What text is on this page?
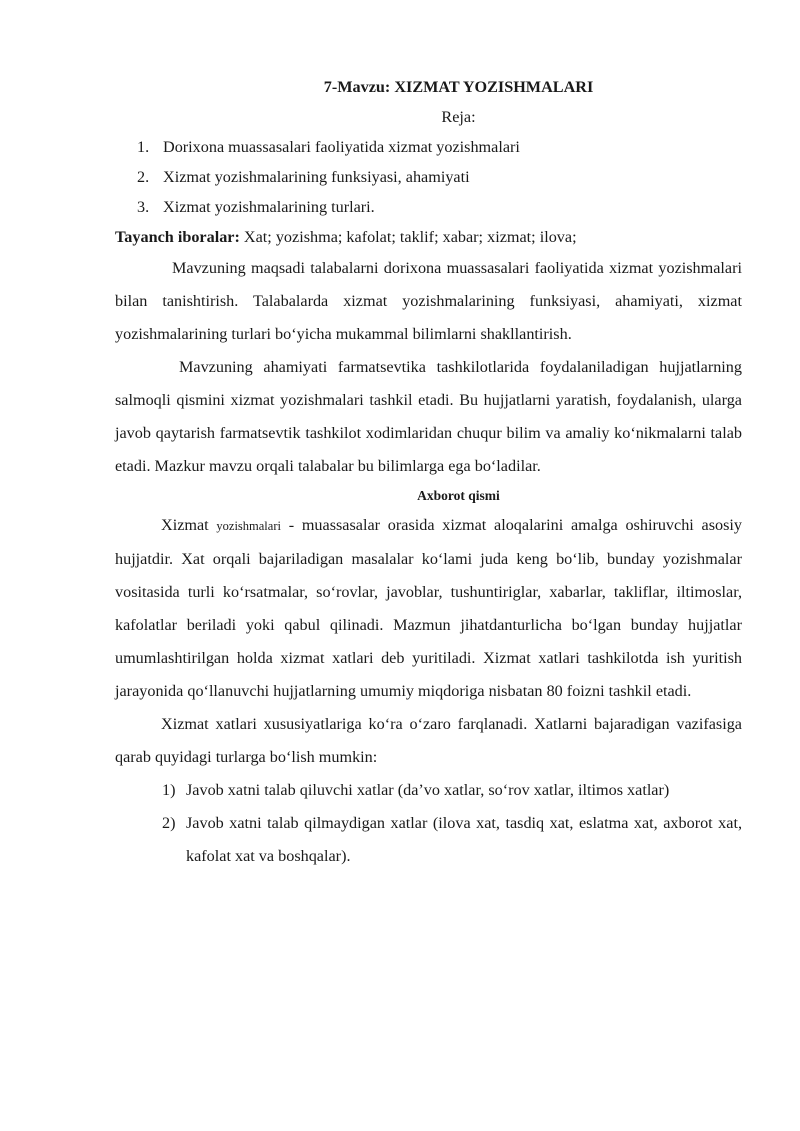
7-Mavzu: XIZMAT YOZISHMALARI

Reja:

1. Dorixona muassasalari faoliyatida xizmat yozishmalari
2. Xizmat yozishmalarining funksiyasi, ahamiyati
3. Xizmat yozishmalarining turlari.

Tayanch iboralar: Xat; yozishma; kafolat; taklif; xabar; xizmat; ilova;

Mavzuning maqsadi talabalarni dorixona muassasalari faoliyatida xizmat yozishmalari bilan tanishtirish. Talabalarda xizmat yozishmalarining funksiyasi, ahamiyati, xizmat yozishmalarining turlari bo‘yicha mukammal bilimlarni shakllantirish.

Mavzuning ahamiyati farmatsevtika tashkilotlarida foydalaniladigan hujjatlarning salmoqli qismini xizmat yozishmalari tashkil etadi. Bu hujjatlarni yaratish, foydalanish, ularga javob qaytarish farmatsevtik tashkilot xodimlaridan chuqur bilim va amaliy ko‘nikmalarni talab etadi. Mazkur mavzu orqali talabalar bu bilimlarga ega bo‘ladilar.

Axborot qismi

Xizmat yozishmalari - muassasalar orasida xizmat aloqalarini amalga oshiruvchi asosiy hujjatdir. Xat orqali bajariladigan masalalar ko‘lami juda keng bo‘lib, bunday yozishmalar vositasida turli ko‘rsatmalar, so‘rovlar, javoblar, tushuntiriglar, xabarlar, takliflar, iltimoslar, kafolatlar beriladi yoki qabul qilinadi. Mazmun jihatdanturlicha bo‘lgan bunday hujjatlar umumlashtirilgan holda xizmat xatlari deb yuritiladi. Xizmat xatlari tashkilotda ish yuritish jarayonida qo‘llanuvchi hujjatlarning umumiy miqdoriga nisbatan 80 foizni tashkil etadi.

Xizmat xatlari xususiyatlariga ko‘ra o‘zaro farqlanadi. Xatlarni bajaradigan vazifasiga qarab quyidagi turlarga bo‘lish mumkin:

1) Javob xatni talab qiluvchi xatlar (da’vo xatlar, so‘rov xatlar, iltimos xatlar)
2) Javob xatni talab qilmaydigan xatlar (ilova xat, tasdiq xat, eslatma xat, axborot xat, kafolat xat va boshqalar).
